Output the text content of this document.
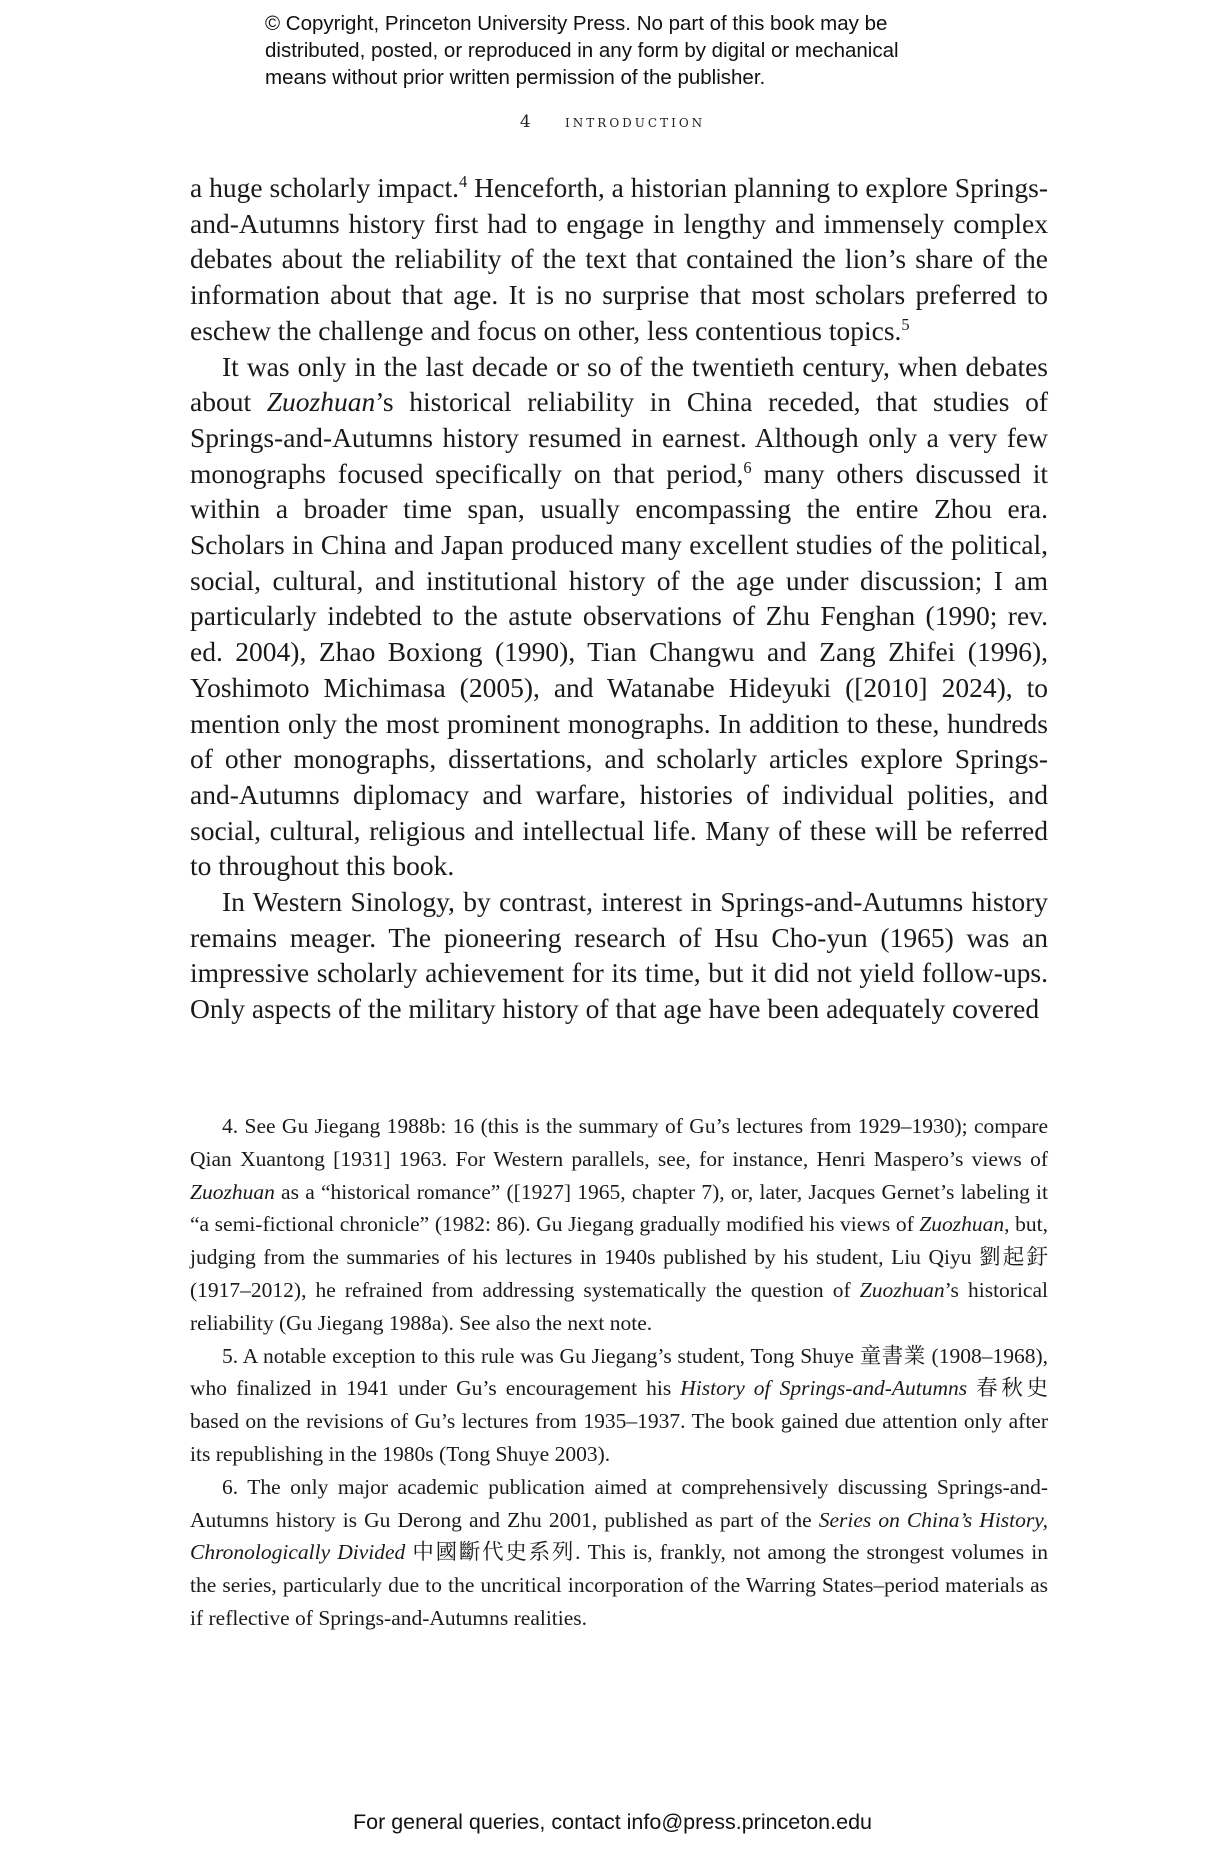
© Copyright, Princeton University Press. No part of this book may be
distributed, posted, or reproduced in any form by digital or mechanical
means without prior written permission of the publisher.
4 introduction

a huge scholarly impact.$^4$ Henceforth, a historian planning to explore Springs-and-Autumns history first had to engage in lengthy and immensely complex debates about the reliability of the text that contained the lion’s share of the information about that age. It is no surprise that most scholars preferred to eschew the challenge and focus on other, less contentious topics.$^5$

It was only in the last decade or so of the twentieth century, when debates about Zuozhuan’s historical reliability in China receded, that studies of Springs-and-Autumns history resumed in earnest. Although only a very few monographs focused specifically on that period,$^6$ many others discussed it within a broader time span, usually encompassing the entire Zhou era. Scholars in China and Japan produced many excellent studies of the political, social, cultural, and institutional history of the age under discussion; I am particularly indebted to the astute observations of Zhu Fenghan (1990; rev. ed. 2004), Zhao Boxiong (1990), Tian Changwu and Zang Zhifei (1996), Yoshimoto Michimasa (2005), and Watanabe Hideyuki ([2010] 2024), to mention only the most prominent monographs. In addition to these, hundreds of other monographs, dissertations, and scholarly articles explore Springs-and-Autumns diplomacy and warfare, histories of individual polities, and social, cultural, religious and intellectual life. Many of these will be referred to throughout this book.

In Western Sinology, by contrast, interest in Springs-and-Autumns history remains meager. The pioneering research of Hsu Cho-yun (1965) was an impressive scholarly achievement for its time, but it did not yield follow-ups. Only aspects of the military history of that age have been adequately covered

4. See Gu Jiegang 1988b: 16 (this is the summary of Gu’s lectures from 1929–1930); compare Qian Xuantong [1931] 1963. For Western parallels, see, for instance, Henri Maspero’s views of Zuozhuan as a “historical romance” ([1927] 1965, chapter 7), or, later, Jacques Gernet’s labeling it “a semi-fictional chronicle” (1982: 86). Gu Jiegang gradually modified his views of Zuozhuan, but, judging from the summaries of his lectures in 1940s published by his student, Liu Qiyu 劉起釪 (1917–2012), he refrained from addressing systematically the question of Zuozhuan’s historical reliability (Gu Jiegang 1988a). See also the next note.

5. A notable exception to this rule was Gu Jiegang’s student, Tong Shuye 童書業 (1908–1968), who finalized in 1941 under Gu’s encouragement his History of Springs-and-Autumns 春秋史 based on the revisions of Gu’s lectures from 1935–1937. The book gained due attention only after its republishing in the 1980s (Tong Shuye 2003).

6. The only major academic publication aimed at comprehensively discussing Springs-and-Autumns history is Gu Derong and Zhu 2001, published as part of the Series on China’s History, Chronologically Divided 中國斷代史系列. This is, frankly, not among the strongest volumes in the series, particularly due to the uncritical incorporation of the Warring States–period materials as if reflective of Springs-and-Autumns realities.

For general queries, contact info@press.princeton.edu
